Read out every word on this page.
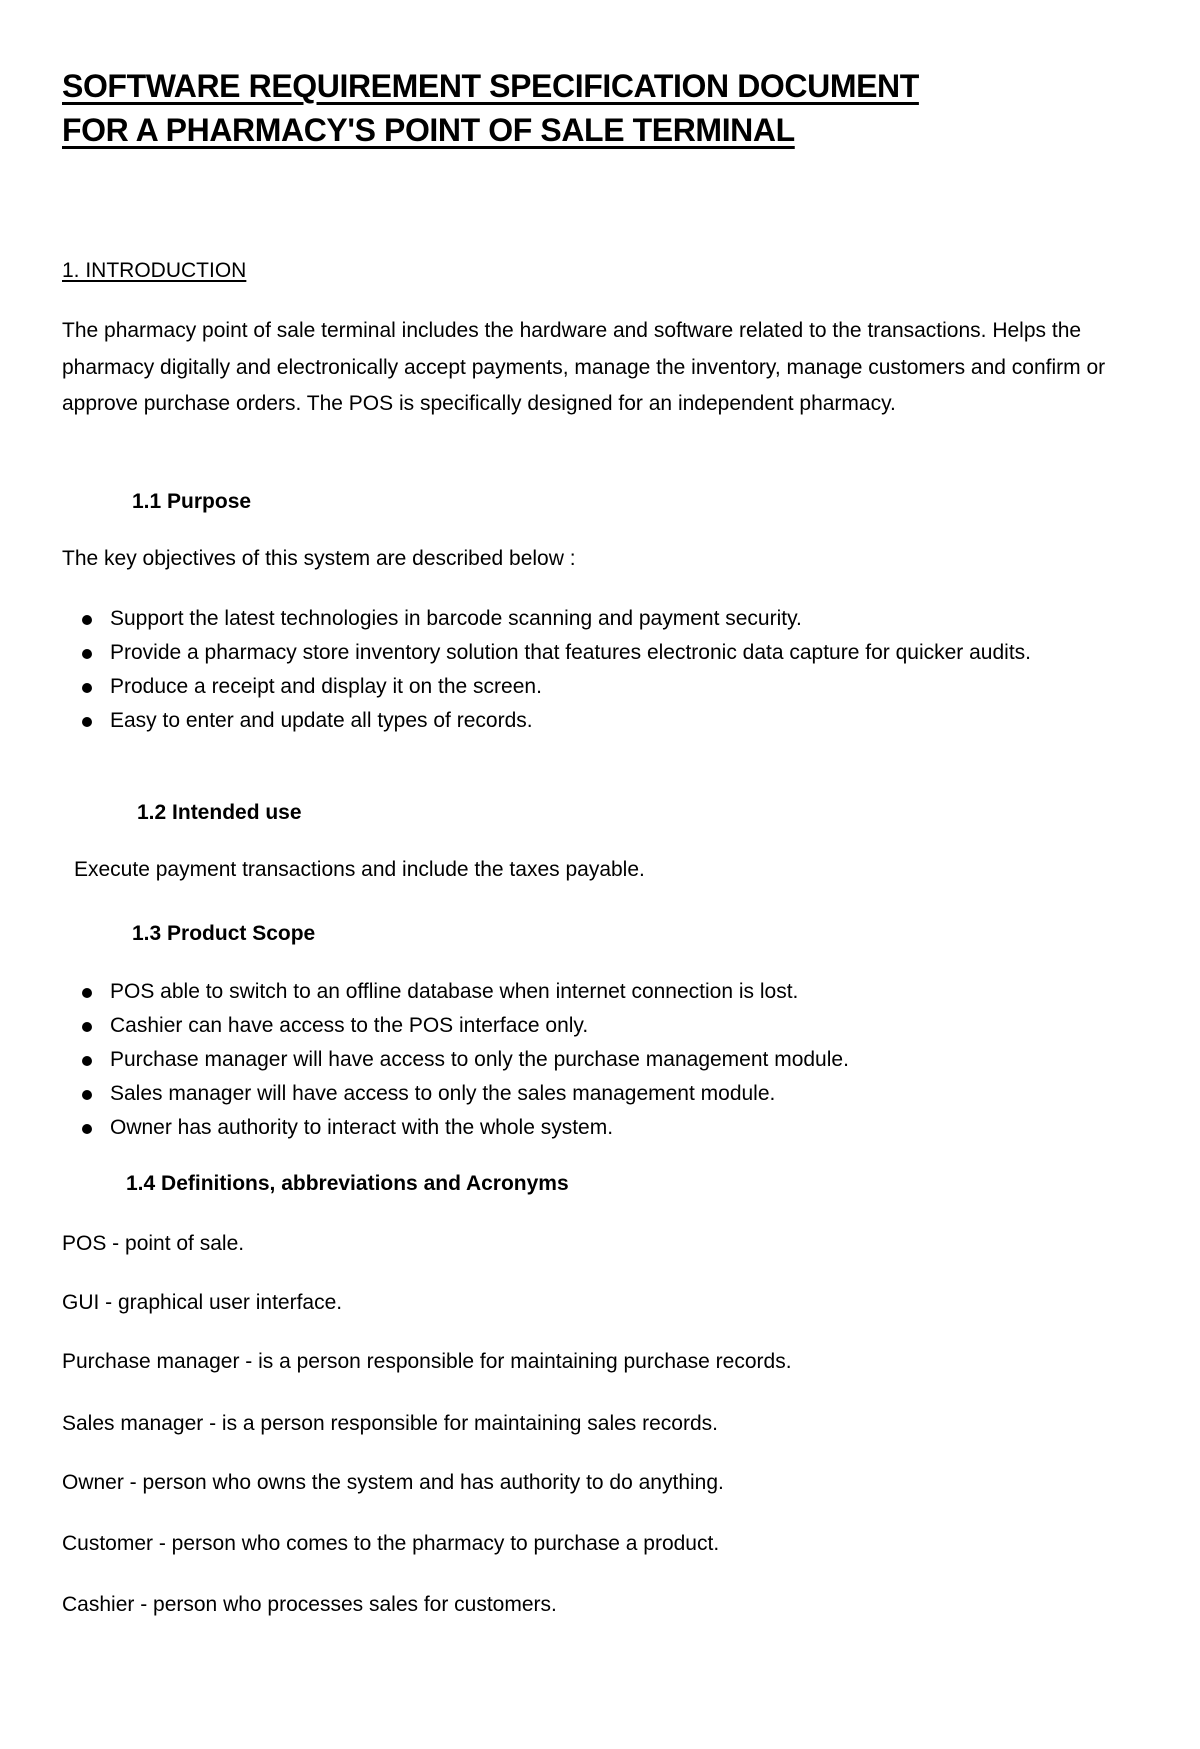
SOFTWARE REQUIREMENT SPECIFICATION DOCUMENT
FOR A PHARMACY'S POINT OF SALE TERMINAL
1. INTRODUCTION

The pharmacy point of sale terminal includes the hardware and software related to the transactions. Helps the pharmacy digitally and electronically accept payments, manage the inventory, manage customers and confirm or approve purchase orders. The POS is specifically designed for an independent pharmacy.

1.1 Purpose

The key objectives of this system are described below :

Support the latest technologies in barcode scanning and payment security.
Provide a pharmacy store inventory solution that features electronic data capture for quicker audits.
Produce a receipt and display it on the screen.
Easy to enter and update all types of records.
1.2 Intended use

Execute payment transactions and include the taxes payable.

1.3 Product Scope
POS able to switch to an offline database when internet connection is lost.
Cashier can have access to the POS interface only.
Purchase manager will have access to only the purchase management module.
Sales manager will have access to only the sales management module.
Owner has authority to interact with the whole system.
1.4 Definitions, abbreviations and Acronyms

POS - point of sale.

GUI - graphical user interface.

Purchase manager - is a person responsible for maintaining purchase records.

Sales manager - is a person responsible for maintaining sales records.

Owner - person who owns the system and has authority to do anything.

Customer - person who comes to the pharmacy to purchase a product.

Cashier - person who processes sales for customers.
